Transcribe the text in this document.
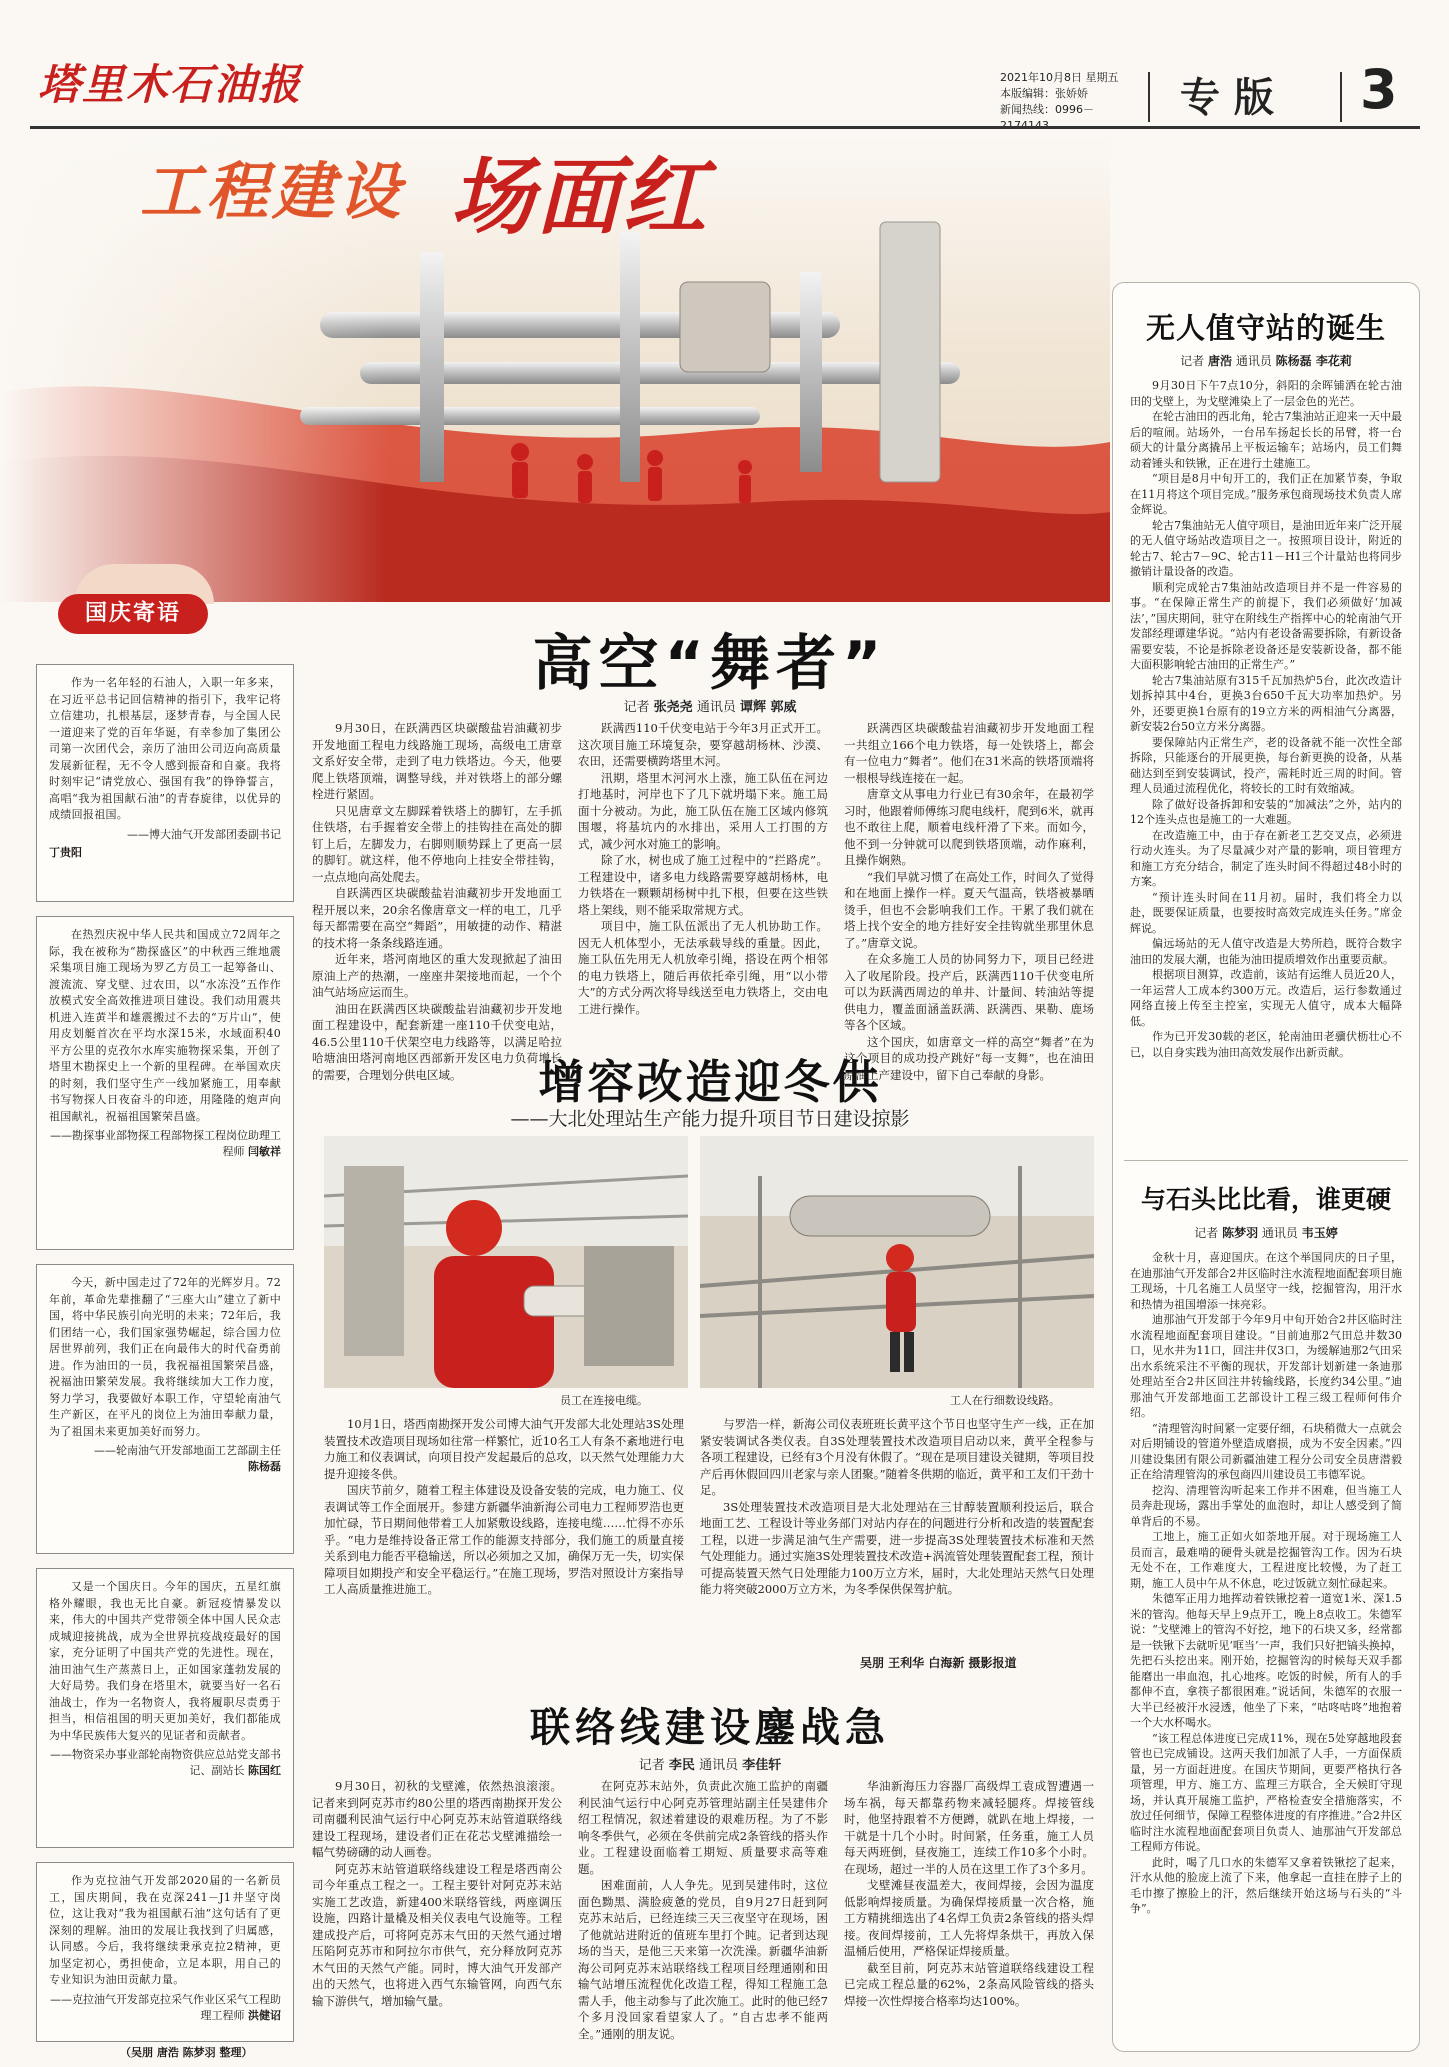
塔里木石油报	2021年10月8日 星期五
本版编辑：张娇娇
新闻热线：0996－	专 版 3
工程建设 场面红
国庆寄语

作为一名年轻的石油人，入职一年多来，在习近平总书记回信精神的指引下，我牢记将立信建功，扎根基层，逐梦青春，与全国人民一道迎来了党的百年华诞，有幸参加了集团公司第一次团代会，亲历了油田公司迈向高质量发展新征程，无不令人感到振奋和自豪。我将时刻牢记“请党放心、强国有我”的铮铮誓言，高唱“我为祖国献石油”的青春旋律，以优异的成绩回报祖国。

——博大油气开发部团委副书记
丁贵阳

在热烈庆祝中华人民共和国成立72周年之际，我在被称为“勘探盛区”的中秋西三维地震采集项目施工现场为罗乙方员工一起筹备山、渡流流、穿戈壁、过农田，以“水冻没”五作作放模式安全高效推进项目建设。我们动用震共机进入连黄半和雄震搬过不去的“万片山”，使用皮划艇首次在平均水深15米，水域面积40平方公里的克孜尔水库实施物探采集，开创了塔里木勘探史上一个新的里程碑。在举国欢庆的时刻，我们坚守生产一线加紧施工，用奉献书写物探人日夜奋斗的印迹，用隆隆的炮声向祖国献礼，祝福祖国繁荣昌盛。

——勘探事业部物探工程部物探工程岗位助理工程师 闫敏祥

今天，新中国走过了72年的光辉岁月。72年前，革命先辈推翻了“三座大山”建立了新中国，将中华民族引向光明的未来；72年后，我们团结一心，我们国家强势崛起，综合国力位居世界前列，我们正在向最伟大的时代奋勇前进。作为油田的一员，我祝福祖国繁荣昌盛，祝福油田繁荣发展。我将继续加大工作力度，努力学习，我要做好本职工作，守望轮南油气生产新区，在平凡的岗位上为油田奉献力量，为了祖国未来更加美好而努力。

——轮南油气开发部地面工艺部副主任
陈杨磊

又是一个国庆日。今年的国庆，五星红旗格外耀眼，我也无比自豪。新冠疫情暴发以来，伟大的中国共产党带领全体中国人民众志成城迎接挑战，成为全世界抗疫战疫最好的国家，充分证明了中国共产党的先进性。现在，油田油气生产蒸蒸日上，正如国家蓬勃发展的大好局势。我们身在塔里木，就要当好一名石油战士，作为一名物资人，我将履职尽责勇于担当，相信祖国的明天更加美好，我们都能成为中华民族伟大复兴的见证者和贡献者。

——物资采办事业部轮南物资供应总站党支部书记、副站长 陈国红

作为克拉油气开发部2020届的一名新员工，国庆期间，我在克深241－J1井坚守岗位，这让我对“我为祖国献石油”这句话有了更深刻的理解。油田的发展让我找到了归属感，认同感。今后，我将继续秉承克拉2精神，更加坚定初心，勇担使命，立足本职，用自己的专业知识为油田贡献力量。

——克拉油气开发部克拉采气作业区采气工程助理工程师 洪健诏
（吴朋 唐浩 陈梦羽 整理）
高空“舞者”
记者 张尧尧 通讯员 谭辉 郭威

9月30日，在跃满西区块碳酸盐岩油藏初步开发地面工程电力线路施工现场，高级电工唐章文系好安全带，走到了电力铁塔边。今天，他要爬上铁塔顶端，调整导线，并对铁塔上的部分螺栓进行紧固。

只见唐章文左脚踩着铁塔上的脚钉，左手抓住铁塔，右手握着安全带上的挂钩挂在高处的脚钉上后，左脚发力，右脚则顺势踩上了更高一层的脚钉。就这样，他不停地向上挂安全带挂钩，一点点地向高处爬去。

自跃满西区块碳酸盐岩油藏初步开发地面工程开展以来，20余名像唐章文一样的电工，几乎每天都需要在高空“舞蹈”，用敏捷的动作、精湛的技术将一条条线路连通。

近年来，塔河南地区的重大发现掀起了油田原油上产的热潮，一座座井架接地而起，一个个油气站场应运而生。

油田在跃满西区块碳酸盐岩油藏初步开发地面工程建设中，配套新建一座110千伏变电站，46.5公里110千伏架空电力线路等，以满足哈拉哈塘油田塔河南地区西部新开发区电力负荷增长的需要，合理划分供电区域。

跃满西110千伏变电站于今年3月正式开工。这次项目施工环境复杂，要穿越胡杨林、沙漠、农田，还需要横跨塔里木河。

汛期，塔里木河河水上涨，施工队伍在河边打地基时，河岸也下了几下就坍塌下来。施工局面十分被动。为此，施工队伍在施工区域内修筑围堰，将基坑内的水排出，采用人工打围的方式，减少河水对施工的影响。

除了水，树也成了施工过程中的“拦路虎”。工程建设中，诸多电力线路需要穿越胡杨林，电力铁塔在一颗颗胡杨树中扎下根，但要在这些铁塔上架线，则不能采取常规方式。

项目中，施工队伍派出了无人机协助工作。因无人机体型小，无法承载导线的重量。因此，施工队伍先用无人机放牵引绳，搭设在两个相邻的电力铁塔上，随后再依托牵引绳，用“以小带大”的方式分两次将导线送至电力铁塔上，交由电工进行操作。

跃满西区块碳酸盐岩油藏初步开发地面工程一共组立166个电力铁塔，每一处铁塔上，都会有一位电力“舞者”。他们在31米高的铁塔顶端将一根根导线连接在一起。

唐章文从事电力行业已有30余年，在最初学习时，他跟着师傅练习爬电线杆，爬到6米，就再也不敢往上爬，顺着电线杆滑了下来。而如今，他不到一分钟就可以爬到铁塔顶端，动作麻利，且操作娴熟。

“我们早就习惯了在高处工作，时间久了觉得和在地面上操作一样。夏天气温高，铁塔被暴晒烫手，但也不会影响我们工作。干累了我们就在塔上找个安全的地方挂好安全挂钩就坐那里休息了。”唐章文说。

在众多施工人员的协同努力下，项目已经进入了收尾阶段。投产后，跃满西110千伏变电所可以为跃满西周边的单井、计量间、转油站等提供电力，覆盖面涵盖跃满、跃满西、果勒、鹿场等各个区域。

这个国庆，如唐章文一样的高空“舞者”在为这个项目的成功投产跳好“每一支舞”，也在油田原油上产建设中，留下自己奉献的身影。

增容改造迎冬供
——大北处理站生产能力提升项目节日建设掠影
员工在连接电缆。	工人在行细数设线路。

10月1日，塔西南勘探开发公司博大油气开发部大北处理站3S处理装置技术改造项目现场如往常一样繁忙，近10名工人有条不紊地进行电力施工和仪表调试，向项目投产发起最后的总攻，以天然气处理能力大提升迎接冬供。

国庆节前夕，随着工程主体建设及设备安装的完成，电力施工、仪表调试等工作全面展开。参建方新疆华油新海公司电力工程师罗浩也更加忙碌，节日期间他带着工人加紧敷设线路，连接电缆……忙得不亦乐乎。“电力是维持设备正常工作的能源支持部分，我们施工的质量直接关系到电力能否平稳输送，所以必须加之又加，确保万无一失，切实保障项目如期投产和安全平稳运行。”在施工现场，罗浩对照设计方案指导工人高质量推进施工。

与罗浩一样，新海公司仪表班班长黄平这个节日也坚守生产一线，正在加紧安装调试各类仪表。自3S处理装置技术改造项目启动以来，黄平全程参与各项工程建设，已经有3个月没有休假了。“现在是项目建设关键期，等项目投产后再休假回四川老家与亲人团聚。”随着冬供期的临近，黄平和工友们干劲十足。

3S处理装置技术改造项目是大北处理站在三甘醇装置顺利投运后，联合地面工艺、工程设计等业务部门对站内存在的问题进行分析和改造的装置配套工程，以进一步满足油气生产需要，进一步提高3S处理装置技术标准和天然气处理能力。通过实施3S处理装置技术改造+涡流管处理装置配套工程，预计可提高装置天然气日处理能力100万立方米，届时，大北处理站天然气日处理能力将突破2000万立方米，为冬季保供保驾护航。

吴朋 王利华 白海新 摄影报道
联络线建设鏖战急
记者 李民 通讯员 李佳轩

9月30日，初秋的戈壁滩，依然热浪滚滚。记者来到阿克苏市约80公里的塔西南勘探开发公司南疆利民油气运行中心阿克苏末站管道联络线建设工程现场，建设者们正在花芯戈壁滩描绘一幅气势磅礴的动人画卷。

阿克苏末站管道联络线建设工程是塔西南公司今年重点工程之一。工程主要针对阿克苏末站实施工艺改造，新建400米联络管线，两座调压设施，四路计量橇及相关仪表电气设施等。工程建成投产后，可将阿克苏末气田的天然气通过增压陷阿克苏市和阿拉尔市供气，充分释放阿克苏木气田的天然气产能。同时，博大油气开发部产出的天然气，也将进入西气东输管网，向西气东输下游供气，增加输气量。

在阿克苏末站外，负责此次施工监护的南疆利民油气运行中心阿克苏管理站副主任吴建伟介绍工程情况，叙述着建设的艰难历程。为了不影响冬季供气，必须在冬供前完成2条管线的搭头作业。工程建设面临着工期短、质量要求高等难题。

困难面前，人人争先。见到吴建伟时，这位面色黝黑、满脸疲惫的党员，自9月27日赶到阿克苏末站后，已经连续三天三夜坚守在现场，困了他就站进附近的值班车里打个盹。记者到达现场的当天，是他三天来第一次洗澡。新疆华油新海公司阿克苏末站联络线工程项目经理通刚和田输气站增压流程优化改造工程，得知工程施工急需人手，他主动参与了此次施工。此时的他已经7个多月没回家看望家人了。“自古忠孝不能两全。”通刚的朋友说。

华油新海压力容器厂高级焊工袁成智遭遇一场车祸，每天都靠药物来减轻腿疼。焊接管线时，他坚持跟着不方便蹲，就趴在地上焊接，一干就是十几个小时。时间紧，任务重，施工人员每天两班倒，昼夜施工，连续工作10多个小时。在现场，超过一半的人员在这里工作了3个多月。

戈壁滩昼夜温差大，夜间焊接，会因为温度低影响焊接质量。为确保焊接质量一次合格，施工方精挑细选出了4名焊工负责2条管线的搭头焊接。夜间焊接前，工人先将焊条烘干，再放入保温桶后使用，严格保证焊接质量。

截至目前，阿克苏末站管道联络线建设工程已完成工程总量的62%，2条高风险管线的搭头焊接一次性焊接合格率均达100%。

无人值守站的诞生
记者 唐浩 通讯员 陈杨磊 李花莉

9月30日下午7点10分，斜阳的余晖铺洒在轮古油田的戈壁上，为戈壁滩染上了一层金色的光芒。

在轮古油田的西北角，轮古7集油站正迎来一天中最后的喧闹。站场外，一台吊车扬起长长的吊臂，将一台硕大的计量分离撬吊上平板运输车；站场内，员工们舞动着锤头和铁锹，正在进行土建施工。

“项目是8月中旬开工的，我们正在加紧节奏，争取在11月将这个项目完成。”服务承包商现场技术负责人席金辉说。

轮古7集油站无人值守项目，是油田近年来广泛开展的无人值守场站改造项目之一。按照项目设计，附近的轮古7、轮古7－9C、轮古11－H1三个计量站也将同步撤销计量设备的改造。

顺利完成轮古7集油站改造项目并不是一件容易的事。“在保障正常生产的前提下，我们必须做好‘加减法’，”国庆期间，驻守在附线生产指挥中心的轮南油气开发部经理谭建华说。“站内有老设备需要拆除，有新设备需要安装，不论是拆除老设备还是安装新设备，都不能大面积影响轮古油田的正常生产。”

轮古7集油站原有315千瓦加热炉5台，此次改造计划拆掉其中4台，更换3台650千瓦大功率加热炉。另外，还要更换1台原有的19立方米的两相油气分离器，新安装2台50立方米分离器。

要保障站内正常生产，老的设备就不能一次性全部拆除，只能逐台的开展更换，每台新更换的设备，从基础达到至到安装调试，投产，需耗时近三周的时间。管理人员通过流程优化，将较长的工时有效缩减。

除了做好设备拆卸和安装的“加减法”之外，站内的12个连头点也是施工的一大难题。

在改造施工中，由于存在新老工艺交叉点，必须进行动火连头。为了尽量减少对产量的影响，项目管理方和施工方充分结合，制定了连头时间不得超过48小时的方案。

“预计连头时间在11月初。届时，我们将全力以赴，既要保证质量，也要按时高效完成连头任务。”席金辉说。

偏远场站的无人值守改造是大势所趋，既符合数字油田的发展大潮，也能为油田提质增效作出重要贡献。

根据项目测算，改造前，该站有运维人员近20人，一年运营人工成本约300万元。改造后，运行参数通过网络直接上传至主控室，实现无人值守，成本大幅降低。

作为已开发30载的老区，轮南油田老骥伏枥壮心不已，以自身实践为油田高效发展作出新贡献。

与石头比比看，谁更硬
记者 陈梦羽 通讯员 韦玉婷

金秋十月，喜迎国庆。在这个举国同庆的日子里，在迪那油气开发部合2井区临时注水流程地面配套项目施工现场，十几名施工人员坚守一线，挖掘管沟，用汗水和热情为祖国增添一抹亮彩。

迪那油气开发部于今年9月中旬开始合2井区临时注水流程地面配套项目建设。“目前迪那2气田总井数30口，见水井为11口，回注井仅3口，为缓解迪那2气田采出水系统采注不平衡的现状，开发部计划新建一条迪那处理站至合2井区回注井转输线路，长度约34公里。”迪那油气开发部地面工艺部设计工程三级工程师何伟介绍。

“清理管沟时间紧一定要仔细，石块稍微大一点就会对后期铺设的管道外壁造成磨损，成为不安全因素。”四川建设集团有限公司新疆油建工程分公司安全员唐潜毅正在给清理管沟的承包商四川建设员工韦德军说。

挖沟、清理管沟听起来工作并不困难，但当施工人员奔赴现场，露出手掌处的血泡时，却让人感受到了简单背后的不易。

工地上，施工正如火如荼地开展。对于现场施工人员而言，最难啃的硬骨头就是挖掘管沟工作。因为石块无处不在，工作难度大，工程进度比较慢，为了赶工期，施工人员中午从不休息，吃过饭就立刻忙碌起来。

朱德军正用力地挥动着铁锹挖着一道宽1米、深1.5米的管沟。他每天早上9点开工，晚上8点收工。朱德军说：“戈壁滩上的管沟不好挖，地下的石块又多，经常都是一铁锹下去就听见‘哐当’一声，我们只好把镐头换掉，先把石头挖出来。刚开始，挖掘管沟的时候每天双手都能磨出一串血泡，扎心地疼。吃饭的时候，所有人的手都伸不直，拿筷子都很困难。”说话间，朱德军的衣服一大半已经被汗水浸透，他坐了下来，“咕咚咕咚”地抱着一个大水杯喝水。

“该工程总体进度已完成11%，现在5处穿越地段套管也已完成铺设。这两天我们加派了人手，一方面保质量，另一方面赶进度。在国庆节期间，更要严格执行各项管理，甲方、施工方、监理三方联合，全天候盯守现场，并认真开展施工监护，严格检查安全措施落实，不放过任何细节，保障工程整体进度的有序推进。”合2井区临时注水流程地面配套项目负责人、迪那油气开发部总工程师方伟说。

此时，喝了几口水的朱德军又拿着铁锹挖了起来，汗水从他的脸庞上流了下来，他拿起一直挂在脖子上的毛巾擦了擦脸上的汗，然后继续开始这场与石头的“斗争”。
